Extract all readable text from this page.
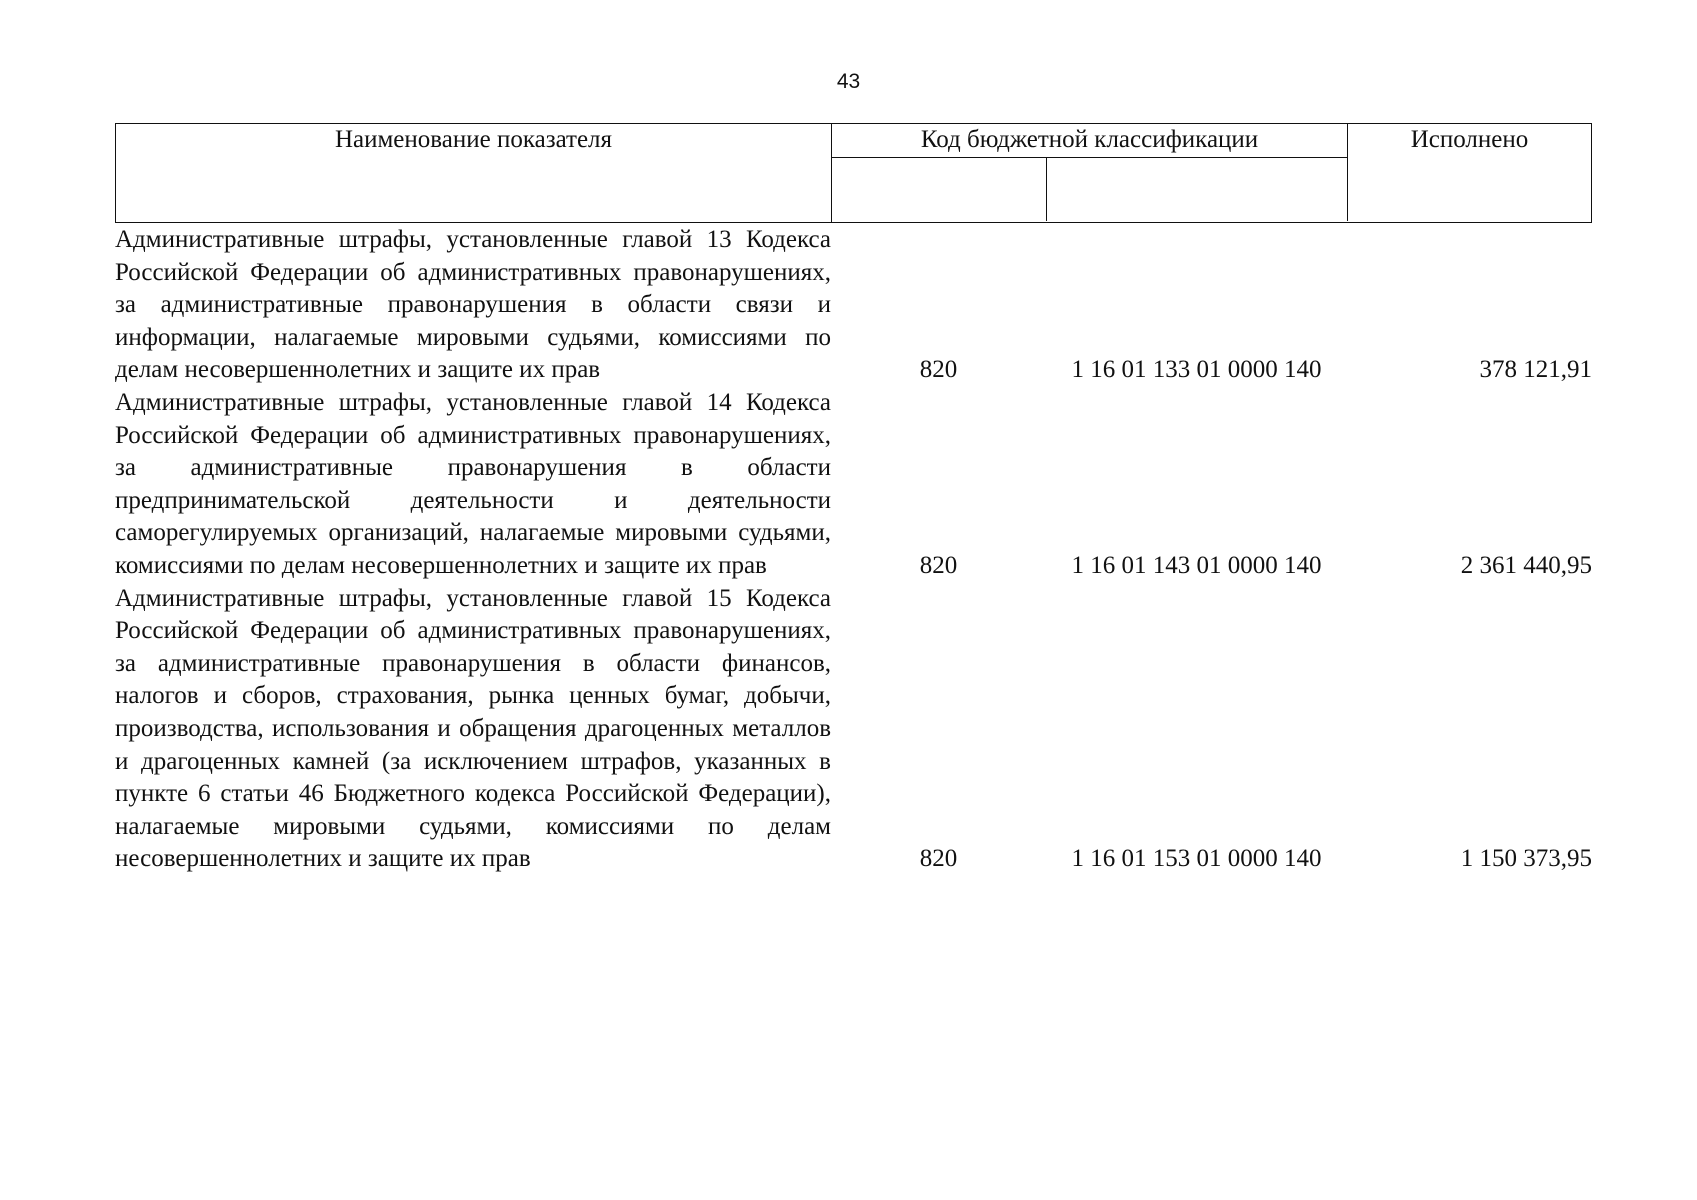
43
Наименование показателя	Код бюджетной классификации	Исполнено
Административные штрафы, установленные главой 13 Кодекса Российской Федерации об административных правонарушениях, за административные правонарушения в области связи и информации, налагаемые мировыми судьями, комиссиями по делам несовершеннолетних и защите их прав	820	1 16 01 133 01 0000 140	378 121,91
Административные штрафы, установленные главой 14 Кодекса Российской Федерации об административных правонарушениях, за административные правонарушения в области предпринимательской деятельности и деятельности саморегулируемых организаций, налагаемые мировыми судьями, комиссиями по делам несовершеннолетних и защите их прав	820	1 16 01 143 01 0000 140	2 361 440,95
Административные штрафы, установленные главой 15 Кодекса Российской Федерации об административных правонарушениях, за административные правонарушения в области финансов, налогов и сборов, страхования, рынка ценных бумаг, добычи, производства, использования и обращения драгоценных металлов и драгоценных камней (за исключением штрафов, указанных в пункте 6 статьи 46 Бюджетного кодекса Российской Федерации), налагаемые мировыми судьями, комиссиями по делам несовершеннолетних и защите их прав	820	1 16 01 153 01 0000 140	1 150 373,95
